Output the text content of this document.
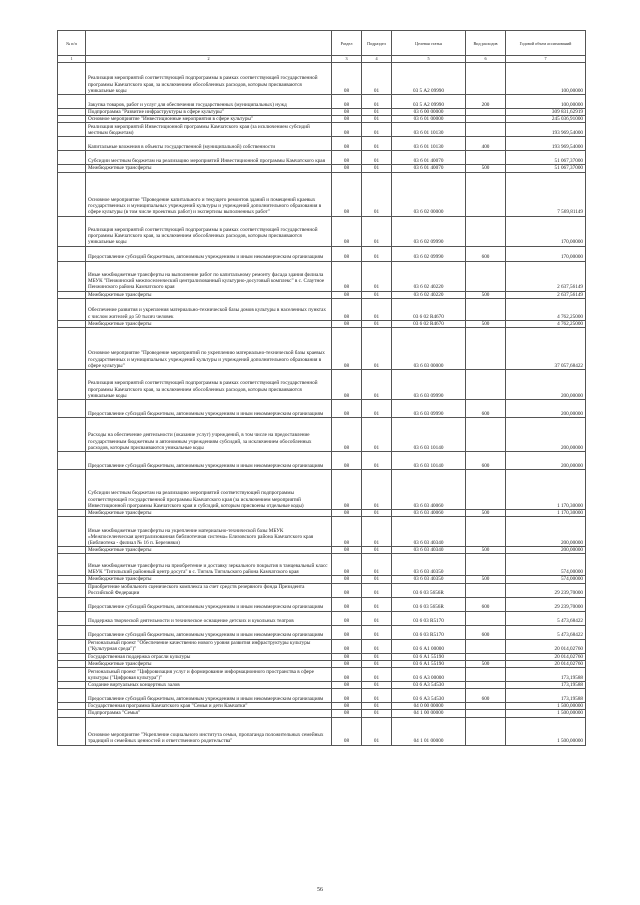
№ п/п		Раздел	Подраздел	Целевая статья	Вид расходов	Годовой объем ассигнований
1	2	3	4	5	6	7
	Реализация мероприятий соответствующей подпрограммы в рамках соответствующей государственной программы Камчатского края, за исключением обособленных расходов, которым присваиваются уникальные коды	08	01	03 5 А2 09990		100,00000
	Закупка товаров, работ и услуг для обеспечения государственных (муниципальных) нужд	08	01	03 5 А2 09990	200	100,00000
	Подпрограмма "Развитие инфраструктуры в сфере культуры"	08	01	03 6 00 00000		309 831,62919
	Основное мероприятие "Инвестиционные мероприятия в сфере культуры"	08	01	03 6 01 00000		245 036,91000
	Реализация мероприятий Инвестиционной программы Камчатского края (за исключением субсидий местным бюджетам)	08	01	03 6 01 10130		193 969,54000
	Капитальные вложения в объекты государственной (муниципальной) собственности	08	01	03 6 01 10130	400	193 969,54000
	Субсидии местным бюджетам на реализацию мероприятий Инвестиционной программы Камчатского края	08	01	03 6 01 40070		51 067,37000
	Межбюджетные трансферты	08	01	03 6 01 40070	500	51 067,37000
	Основное мероприятие "Проведение капитального и текущего ремонтов зданий и помещений краевых государственных и муниципальных учреждений культуры и учреждений дополнительного образования в сфере культуры (в том числе проектных работ) и экспертизы выполненных работ"	08	01	03 6 02 00000		7 569,81149
	Реализация мероприятий соответствующей подпрограммы в рамках соответствующей государственной программы Камчатского края, за исключением обособленных расходов, которым присваиваются уникальные коды	08	01	03 6 02 09990		170,00000
	Предоставление субсидий бюджетным, автономным учреждениям и иным некоммерческим организациям	08	01	03 6 02 09990	600	170,00000
	Иные межбюджетные трансферты на выполнение работ по капитальному ремонту фасада здания филиала МБУК "Пенжинский межпоселенческий централизованный культурно-досуговый комплекс" в с. Слаутное Пенжинского района Камчатского края	08	01	03 6 02 40220		2 637,56149
	Межбюджетные трансферты	08	01	03 6 02 40220	500	2 637,56149
	Обеспечение развития и укрепления материально-технической базы домов культуры в населенных пунктах с числом жителей до 50 тысяч человек	08	01	03 6 02 R4670		4 762,25000
	Межбюджетные трансферты	08	01	03 6 02 R4670	500	4 762,25000
	Основное мероприятие "Проведение мероприятий по укреплению материально-технической базы краевых государственных и муниципальных учреждений культуры и учреждений дополнительного образования в сфере культуры"	08	01	03 6 03 00000		37 057,68422
	Реализация мероприятий соответствующей подпрограммы в рамках соответствующей государственной программы Камчатского края, за исключением обособленных расходов, которым присваиваются уникальные коды	08	01	03 6 03 09990		200,00000
	Предоставление субсидий бюджетным, автономным учреждениям и иным некоммерческим организациям	08	01	03 6 03 09990	600	200,00000
	Расходы на обеспечение деятельности (оказание услуг) учреждений, в том числе на предоставление государственным бюджетным и автономным учреждениям субсидий, за исключением обособленных расходов, которым присваиваются уникальные коды	08	01	03 6 03 10140		200,00000
	Предоставление субсидий бюджетным, автономным учреждениям и иным некоммерческим организациям	08	01	03 6 03 10140	600	200,00000
	Субсидии местным бюджетам на реализацию мероприятий соответствующей подпрограммы соответствующей государственной программы Камчатского края (за исключением мероприятий Инвестиционной программы Камчатского края и субсидий, которым присвоены отдельные коды)	08	01	03 6 03 40060		1 170,30000
	Межбюджетные трансферты	08	01	03 6 03 40060	500	1 170,30000
	Иные межбюджетные трансферты на укрепление материально-технической базы МБУК «Межпоселенческая централизованная библиотечная система» Елизовского района Камчатского края (Библиотека - филиал № 16 п. Березняки)	08	01	03 6 03 40340		200,00000
	Межбюджетные трансферты	08	01	03 6 03 40340	500	200,00000
	Иные межбюджетные трансферты на приобретение и доставку зеркального покрытия в танцевальный класс МБУК "Тигильский районный центр досуга" в с. Тигиль Тигильского района Камчатского края	08	01	03 6 03 40350		574,00000
	Межбюджетные трансферты	08	01	03 6 03 40350	500	574,00000
	Приобретение мобильного сценического комплекса за счет средств резервного фонда Президента Российской Федерации	08	01	03 6 03 5656R		29 239,70000
	Предоставление субсидий бюджетным, автономным учреждениям и иным некоммерческим организациям	08	01	03 6 03 5656R	600	29 239,70000
	Поддержка творческой деятельности и техническое оснащение детских и кукольных театров	08	01	03 6 03 R5170		5 473,68422
	Предоставление субсидий бюджетным, автономным учреждениям и иным некоммерческим организациям	08	01	03 6 03 R5170	600	5 473,68422
	Региональный проект "Обеспечение качественно нового уровня развития инфраструктуры культуры ("Культурная среда")"	08	01	03 6 А1 00000		20 014,02760
	Государственная поддержка отрасли культуры	08	01	03 6 А1 55190		20 014,02760
	Межбюджетные трансферты	08	01	03 6 А1 55190	500	20 014,02760
	Региональный проект "Цифровизация услуг и формирование информационного пространства в сфере культуры ("Цифровая культура")"	08	01	03 6 А3 00000		173,19588
	Создание виртуальных концертных залов	08	01	03 6 А3 54530		173,19588
	Предоставление субсидий бюджетным, автономным учреждениям и иным некоммерческим организациям	08	01	03 6 А3 54530	600	173,19588
	Государственная программа Камчатского края "Семья и дети Камчатки"	08	01	04 0 00 00000		1 500,00000
	Подпрограмма "Семья"	08	01	04 1 00 00000		1 500,00000
	Основное мероприятие "Укрепление социального института семьи, пропаганда положительных семейных традиций и семейных ценностей и ответственного родительства"	08	01	04 1 01 00000		1 500,00000
56
